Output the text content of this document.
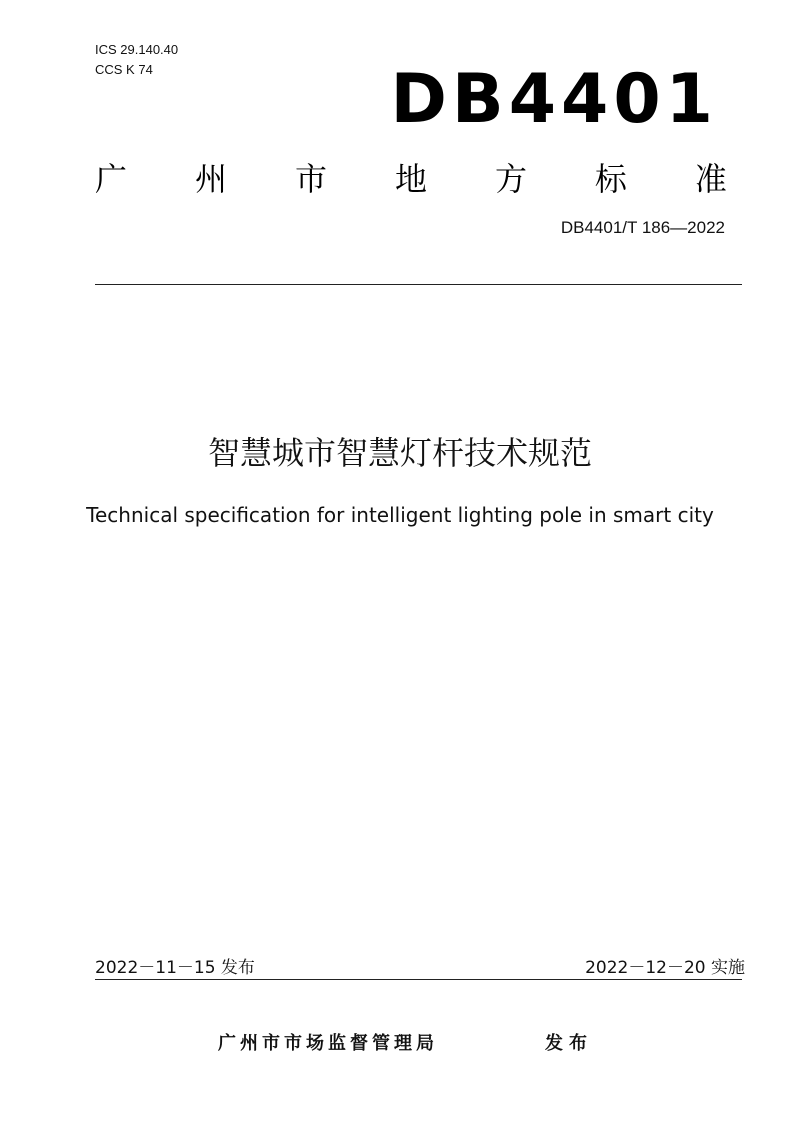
ICS 29.140.40
CCS K 74	DB4401
广 州 市 地 方 标 准
DB4401/T 186—2022
智慧城市智慧灯杆技术规范
Technical specification for intelligent lighting pole in smart city
2022－11－15 发布	2022－12－20 实施
广州市市场监督管理局	发布
